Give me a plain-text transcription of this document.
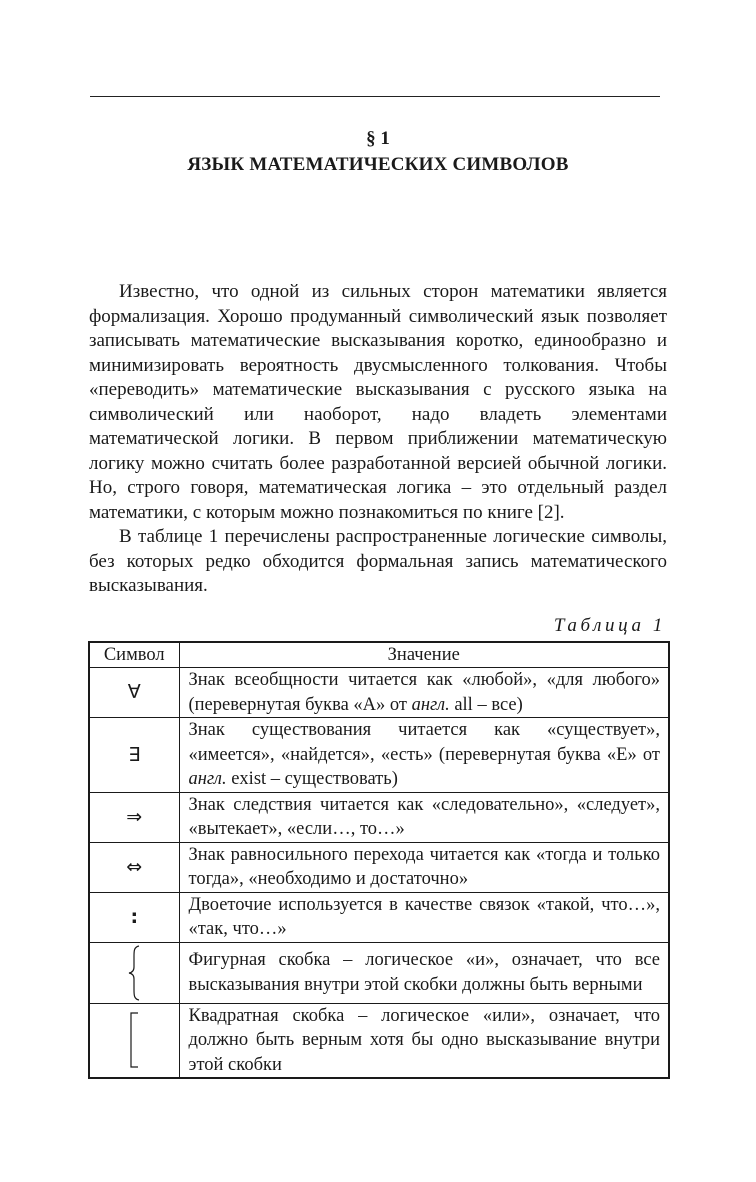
§ 1
ЯЗЫК МАТЕМАТИЧЕСКИХ СИМВОЛОВ

Известно, что одной из сильных сторон математики является формализация. Хорошо продуманный символический язык позволяет записывать математические высказывания коротко, единообразно и минимизировать вероятность двусмысленного толкования. Чтобы «переводить» математические высказывания с русского языка на символический или наоборот, надо владеть элементами математической логики. В первом приближении математическую логику можно считать более разработанной версией обычной логики. Но, строго говоря, математическая логика – это отдельный раздел математики, с которым можно познакомиться по книге [2].

В таблице 1 перечислены распространенные логические символы, без которых редко обходится формальная запись математического высказывания.

Таблица 1
Символ	Значение
∀	Знак всеобщности читается как «любой», «для любого» (перевернутая буква «А» от англ. all – все)
∃	Знак существования читается как «существует», «имеется», «найдется», «есть» (перевернутая буква «Е» от англ. exist – существовать)
⇒	Знак следствия читается как «следовательно», «следует», «вытекает», «если…, то…»
⇔	Знак равносильного перехода читается как «тогда и только тогда», «необходимо и достаточно»
:	Двоеточие используется в качестве связок «такой, что…», «так, что…»

	Фигурная скобка – логическое «и», означает, что все высказывания внутри этой скобки должны быть верными

	Квадратная скобка – логическое «или», означает, что должно быть верным хотя бы одно высказывание внутри этой скобки
